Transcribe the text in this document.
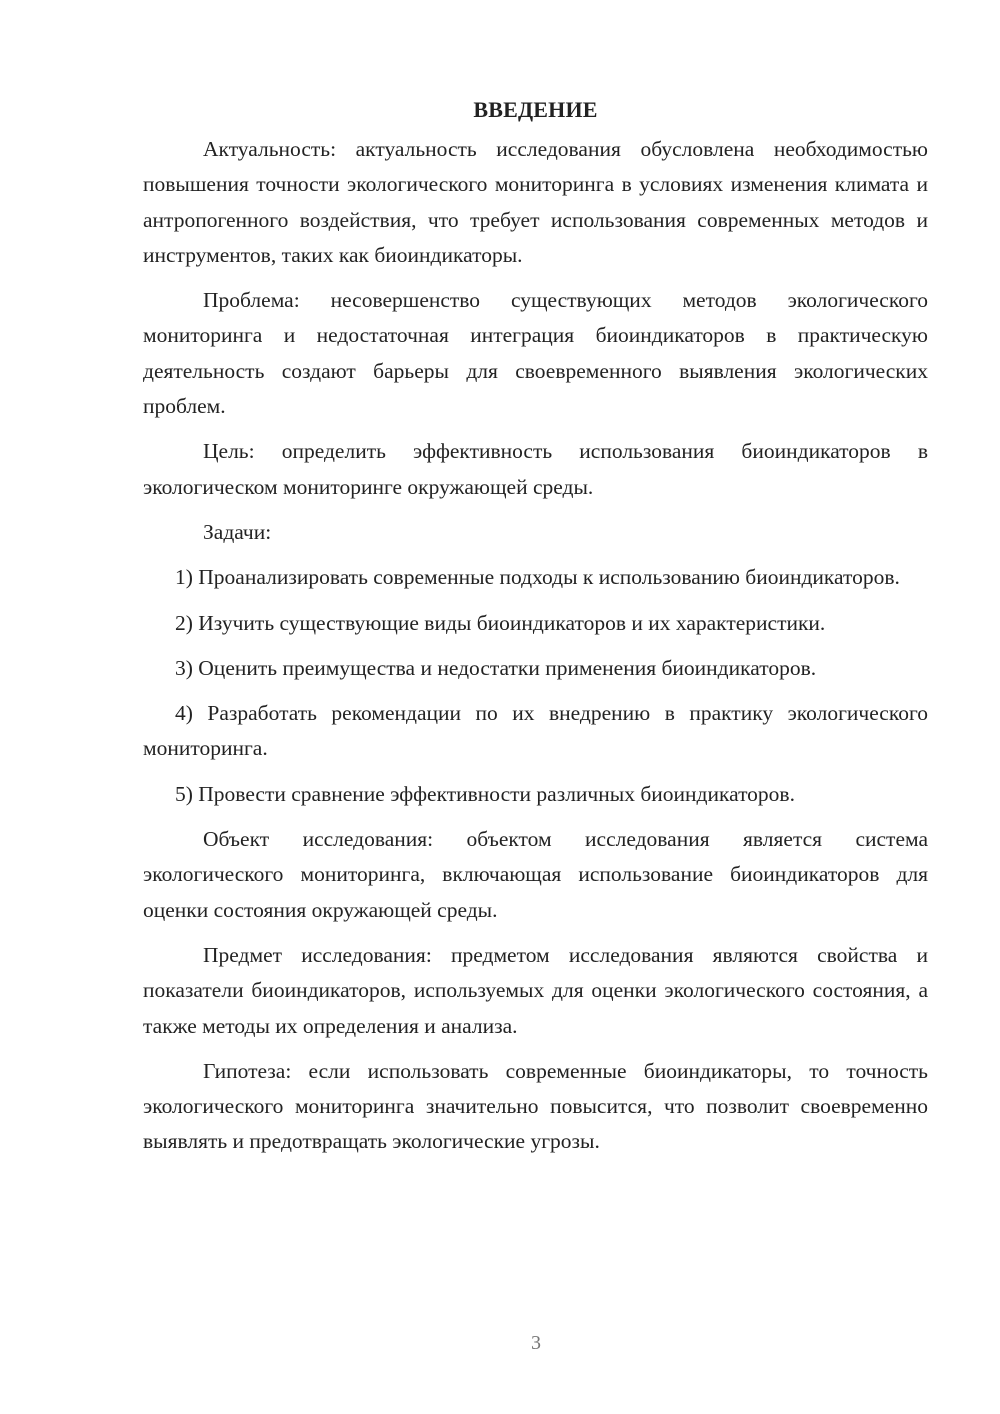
ВВЕДЕНИЕ

Актуальность: актуальность исследования обусловлена необходимостью повышения точности экологического мониторинга в условиях изменения климата и антропогенного воздействия, что требует использования современных методов и инструментов, таких как биоиндикаторы.

Проблема: несовершенство существующих методов экологического мониторинга и недостаточная интеграция биоиндикаторов в практическую деятельность создают барьеры для своевременного выявления экологических проблем.

Цель: определить эффективность использования биоиндикаторов в экологическом мониторинге окружающей среды.

Задачи:

1) Проанализировать современные подходы к использованию биоиндикаторов.

2) Изучить существующие виды биоиндикаторов и их характеристики.

3) Оценить преимущества и недостатки применения биоиндикаторов.

4) Разработать рекомендации по их внедрению в практику экологического мониторинга.

5) Провести сравнение эффективности различных биоиндикаторов.

Объект исследования: объектом исследования является система экологического мониторинга, включающая использование биоиндикаторов для оценки состояния окружающей среды.

Предмет исследования: предметом исследования являются свойства и показатели биоиндикаторов, используемых для оценки экологического состояния, а также методы их определения и анализа.

Гипотеза: если использовать современные биоиндикаторы, то точность экологического мониторинга значительно повысится, что позволит своевременно выявлять и предотвращать экологические угрозы.

3
